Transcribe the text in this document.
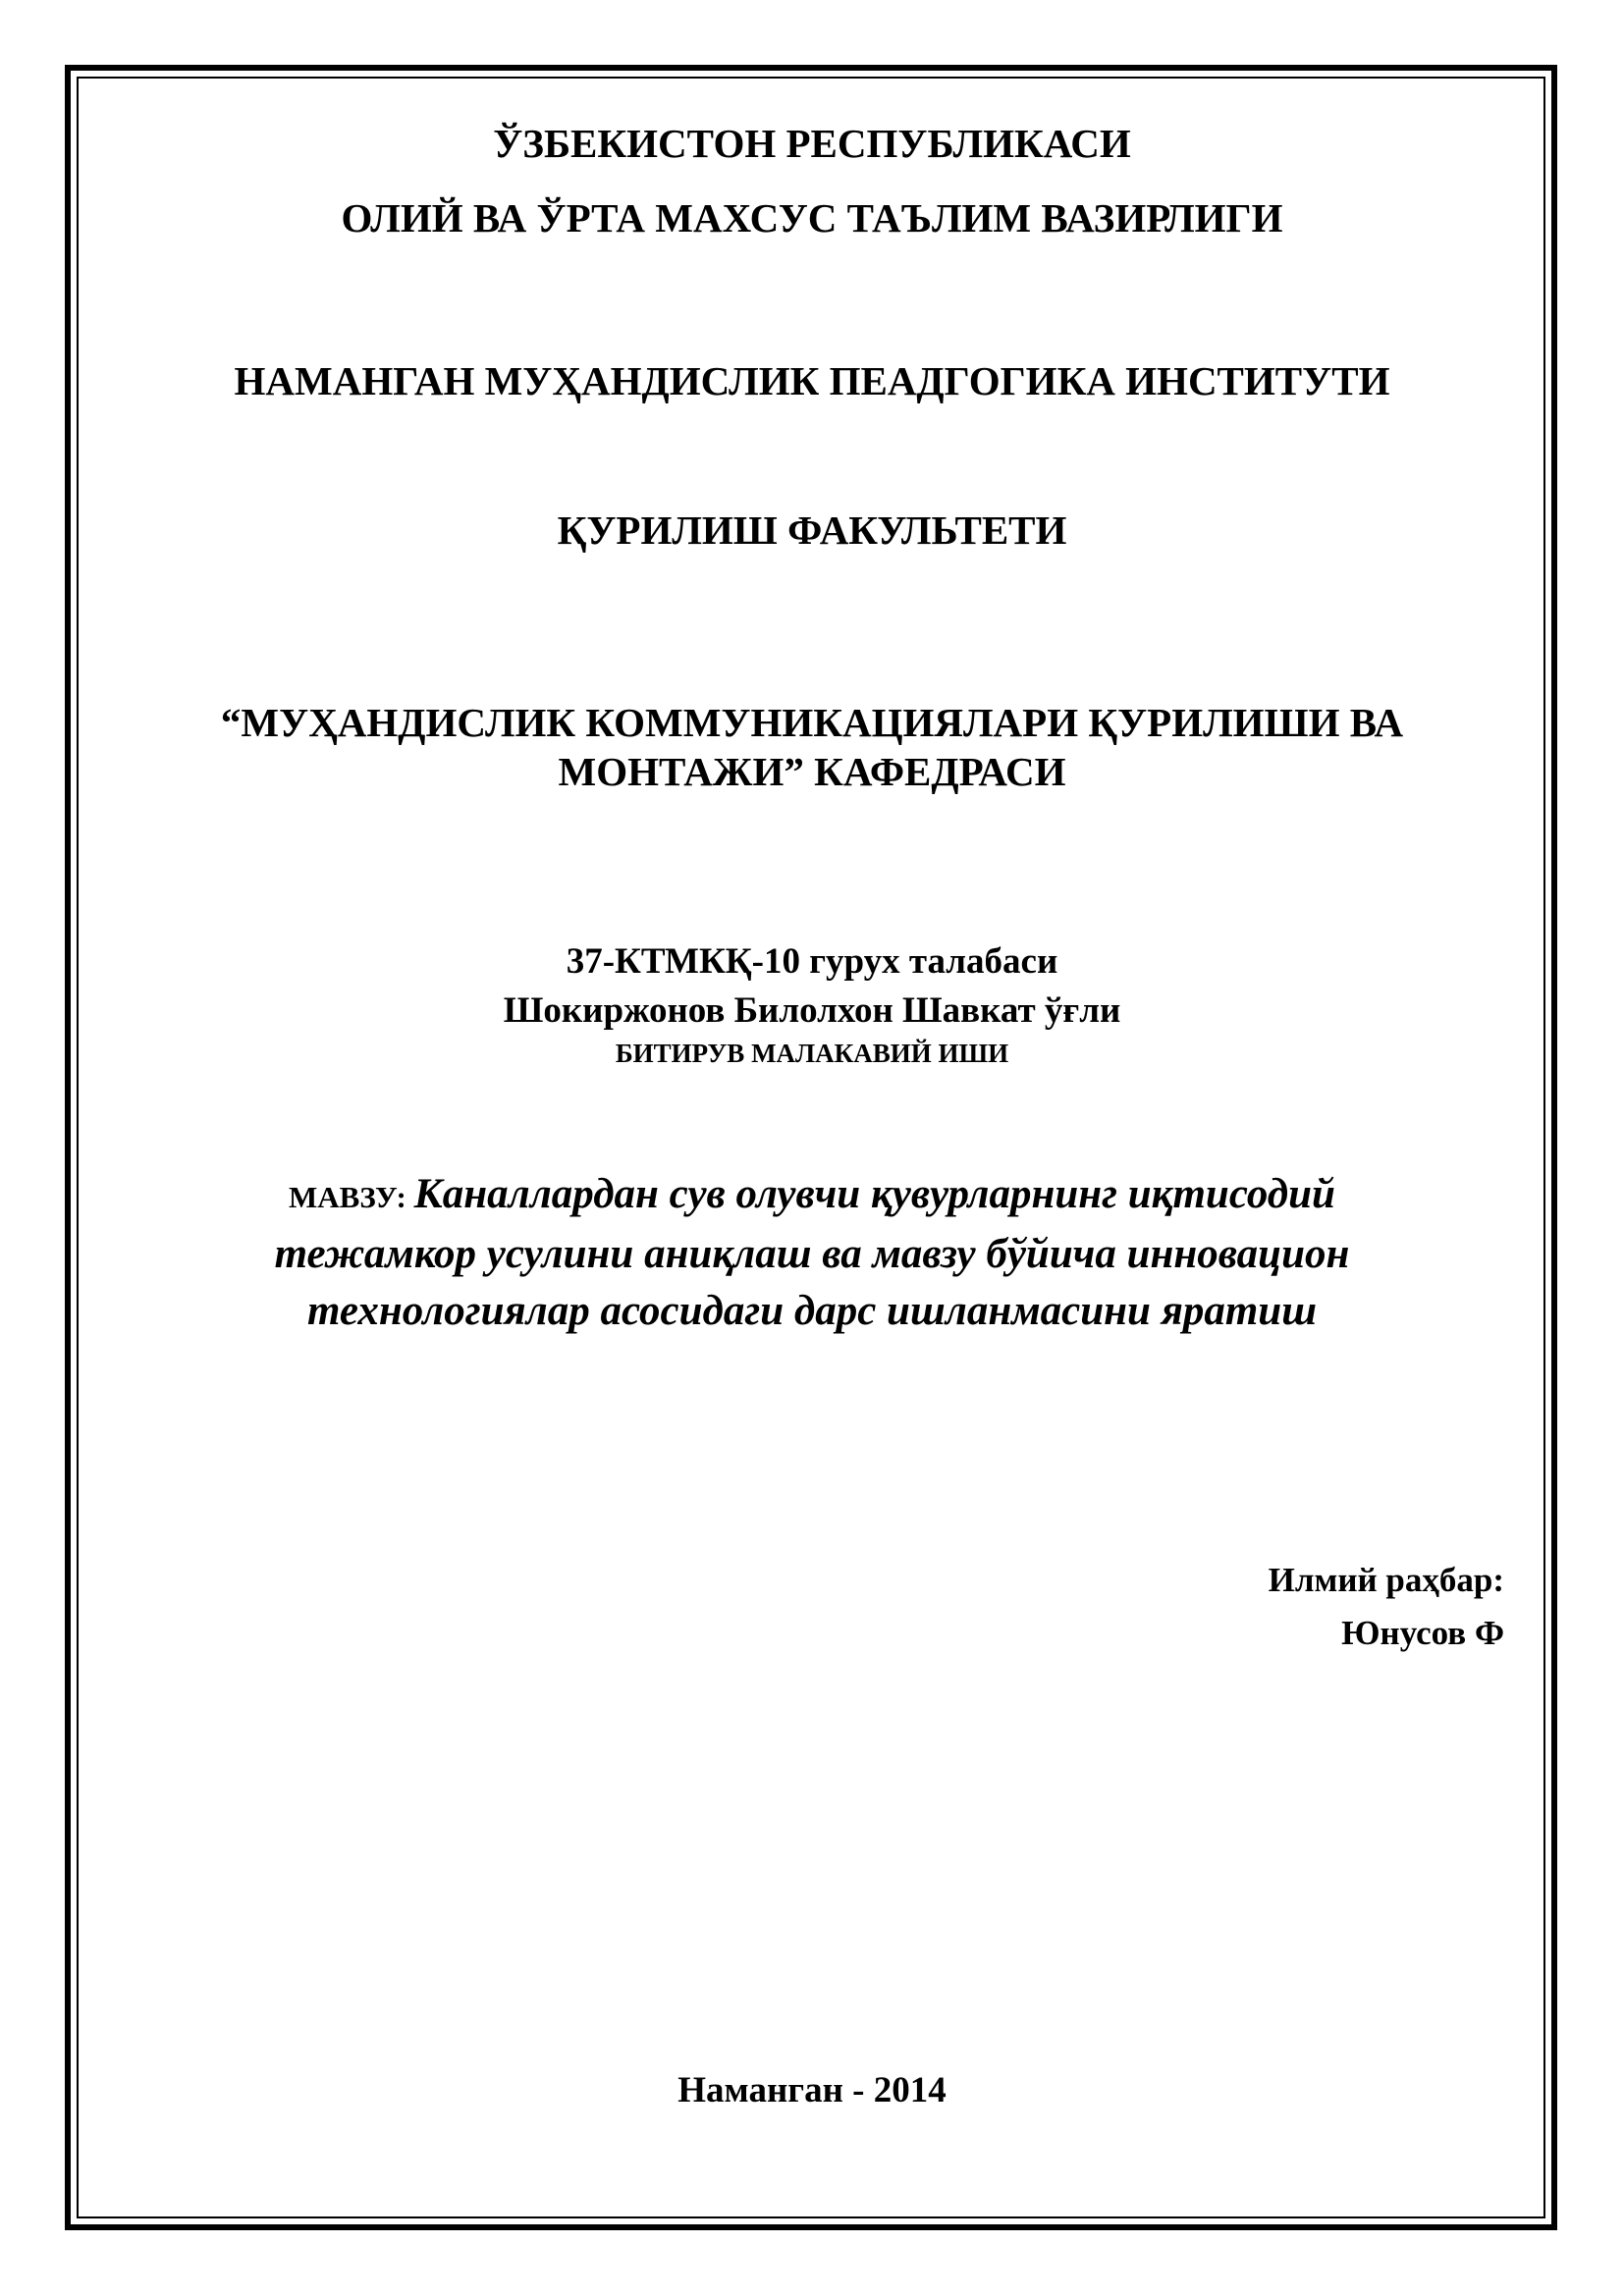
ЎЗБЕКИСТОН РЕСПУБЛИКАСИ

ОЛИЙ ВА ЎРТА МАХСУС ТАЪЛИМ ВАЗИРЛИГИ

НАМАНГАН МУҲАНДИСЛИК ПЕАДГОГИКА ИНСТИТУТИ

ҚУРИЛИШ ФАКУЛЬТЕТИ

“МУҲАНДИСЛИК КОММУНИКАЦИЯЛАРИ ҚУРИЛИШИ ВА

МОНТАЖИ” КАФЕДРАСИ

37-КТМКҚ-10 гурух талабаси

Шокиржонов Билолхон Шавкат ўғли

БИТИРУВ МАЛАКАВИЙ ИШИ

МАВЗУ: Каналлардан сув олувчи қувурларнинг иқтисодий
тежамкор усулини аниқлаш ва мавзу бўйича инновацион
технологиялар асосидаги дарс ишланмасини яратиш

Илмий раҳбар:

Юнусов Ф

Наманган - 2014
